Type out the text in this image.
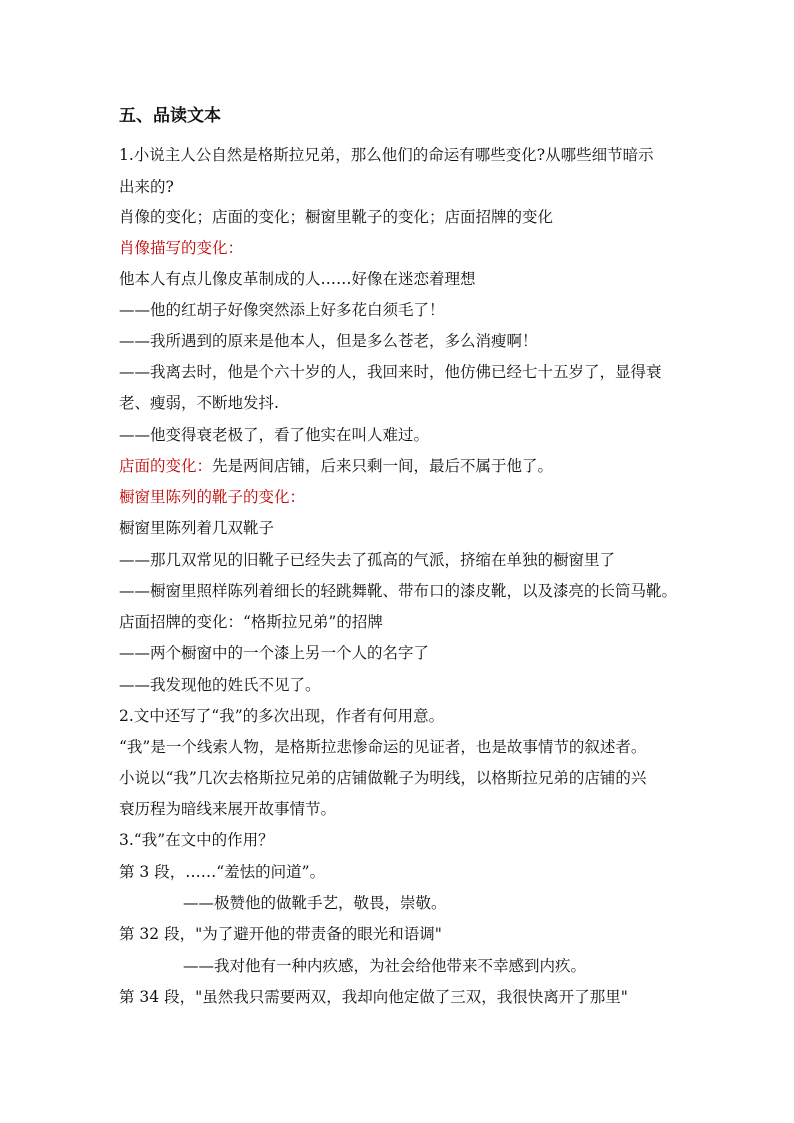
五、品读文本
1.小说主人公自然是格斯拉兄弟，那么他们的命运有哪些变化?从哪些细节暗示
出来的?
肖像的变化；店面的变化；橱窗里靴子的变化；店面招牌的变化
肖像描写的变化：
他本人有点儿像皮革制成的人……好像在迷恋着理想
——他的红胡子好像突然添上好多花白须毛了！
——我所遇到的原来是他本人，但是多么苍老，多么消瘦啊！
——我离去时，他是个六十岁的人，我回来时，他仿佛已经七十五岁了，显得衰
老、瘦弱，不断地发抖.
——他变得衰老极了，看了他实在叫人难过。
店面的变化：先是两间店铺，后来只剩一间，最后不属于他了。
橱窗里陈列的靴子的变化：
橱窗里陈列着几双靴子
——那几双常见的旧靴子已经失去了孤高的气派，挤缩在单独的橱窗里了
——橱窗里照样陈列着细长的轻跳舞靴、带布口的漆皮靴，以及漆亮的长筒马靴。
店面招牌的变化：“格斯拉兄弟”的招牌
——两个橱窗中的一个漆上另一个人的名字了
——我发现他的姓氏不见了。
2.文中还写了“我”的多次出现，作者有何用意。
“我”是一个线索人物，是格斯拉悲惨命运的见证者，也是故事情节的叙述者。
小说以“我”几次去格斯拉兄弟的店铺做靴子为明线，以格斯拉兄弟的店铺的兴
衰历程为暗线来展开故事情节。
3.“我”在文中的作用？
第 3 段，……“羞怯的问道”。
——极赞他的做靴手艺，敬畏，崇敬。
第 32 段，"为了避开他的带责备的眼光和语调"
——我对他有一种内疚感，为社会给他带来不幸感到内疚。
第 34 段，"虽然我只需要两双，我却向他定做了三双，我很快离开了那里"
